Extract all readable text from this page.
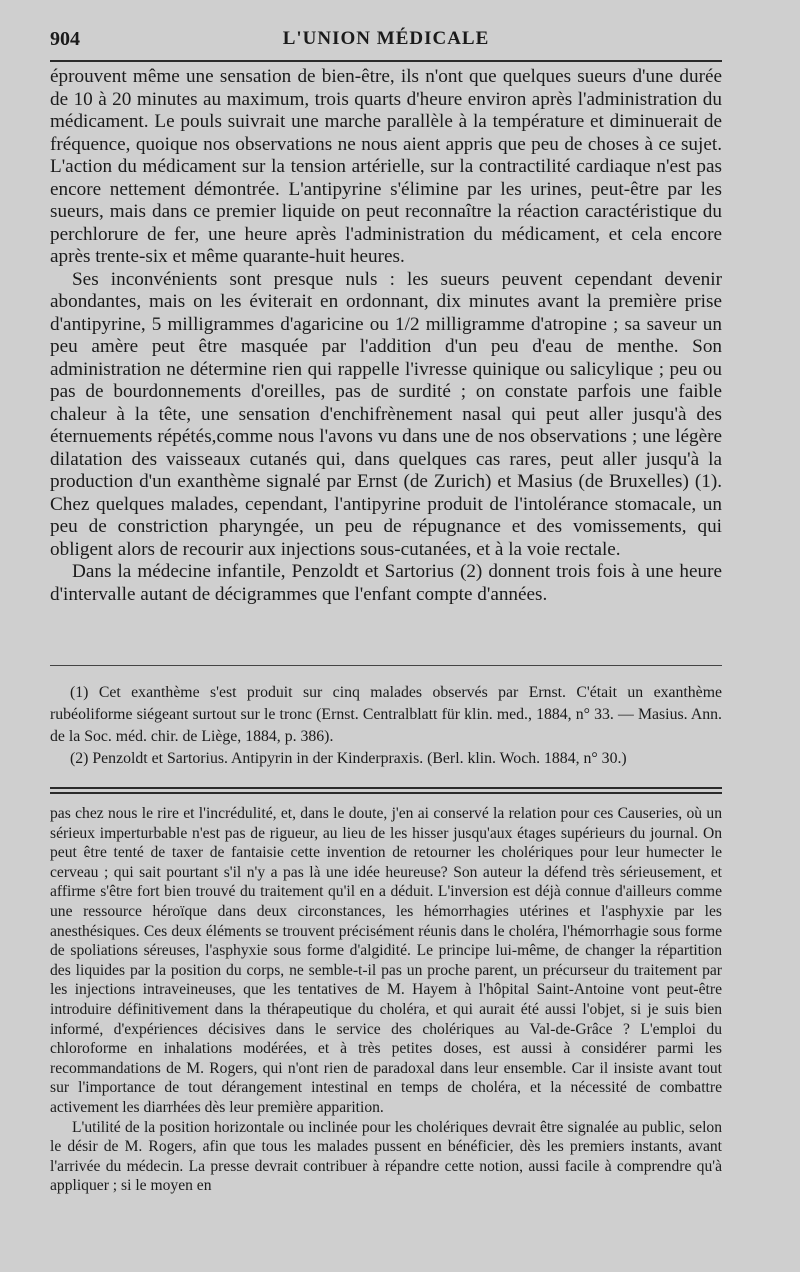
904	L'UNION MÉDICALE

éprouvent même une sensation de bien-être, ils n'ont que quelques sueurs d'une durée de 10 à 20 minutes au maximum, trois quarts d'heure environ après l'administration du médicament. Le pouls suivrait une marche parallèle à la température et diminuerait de fréquence, quoique nos observations ne nous aient appris que peu de choses à ce sujet. L'action du médicament sur la tension artérielle, sur la contractilité cardiaque n'est pas encore nettement démontrée. L'antipyrine s'élimine par les urines, peut-être par les sueurs, mais dans ce premier liquide on peut reconnaître la réaction caractéristique du perchlorure de fer, une heure après l'administration du médicament, et cela encore après trente-six et même quarante-huit heures.

Ses inconvénients sont presque nuls : les sueurs peuvent cependant devenir abondantes, mais on les éviterait en ordonnant, dix minutes avant la première prise d'antipyrine, 5 milligrammes d'agaricine ou 1/2 milligramme d'atropine ; sa saveur un peu amère peut être masquée par l'addition d'un peu d'eau de menthe. Son administration ne détermine rien qui rappelle l'ivresse quinique ou salicylique ; peu ou pas de bourdonnements d'oreilles, pas de surdité ; on constate parfois une faible chaleur à la tête, une sensation d'enchifrènement nasal qui peut aller jusqu'à des éternuements répétés,comme nous l'avons vu dans une de nos observations ; une légère dilatation des vaisseaux cutanés qui, dans quelques cas rares, peut aller jusqu'à la production d'un exanthème signalé par Ernst (de Zurich) et Masius (de Bruxelles) (1). Chez quelques malades, cependant, l'antipyrine produit de l'intolérance stomacale, un peu de constriction pharyngée, un peu de répugnance et des vomissements, qui obligent alors de recourir aux injections sous-cutanées, et à la voie rectale.

Dans la médecine infantile, Penzoldt et Sartorius (2) donnent trois fois à une heure d'intervalle autant de décigrammes que l'enfant compte d'années.

(1) Cet exanthème s'est produit sur cinq malades observés par Ernst. C'était un exanthème rubéoliforme siégeant surtout sur le tronc (Ernst. Centralblatt für klin. med., 1884, n° 33. — Masius. Ann. de la Soc. méd. chir. de Liège, 1884, p. 386).

(2) Penzoldt et Sartorius. Antipyrin in der Kinderpraxis. (Berl. klin. Woch. 1884, n° 30.)

pas chez nous le rire et l'incrédulité, et, dans le doute, j'en ai conservé la relation pour ces Causeries, où un sérieux imperturbable n'est pas de rigueur, au lieu de les hisser jusqu'aux étages supérieurs du journal. On peut être tenté de taxer de fantaisie cette invention de retourner les cholériques pour leur humecter le cerveau ; qui sait pourtant s'il n'y a pas là une idée heureuse? Son auteur la défend très sérieusement, et affirme s'être fort bien trouvé du traitement qu'il en a déduit. L'inversion est déjà connue d'ailleurs comme une ressource héroïque dans deux circonstances, les hémorrhagies utérines et l'asphyxie par les anesthésiques. Ces deux éléments se trouvent précisément réunis dans le choléra, l'hémorrhagie sous forme de spoliations séreuses, l'asphyxie sous forme d'algidité. Le principe lui-même, de changer la répartition des liquides par la position du corps, ne semble-t-il pas un proche parent, un précurseur du traitement par les injections intraveineuses, que les tentatives de M. Hayem à l'hôpital Saint-Antoine vont peut-être introduire définitivement dans la thérapeutique du choléra, et qui aurait été aussi l'objet, si je suis bien informé, d'expériences décisives dans le service des cholériques au Val-de-Grâce ? L'emploi du chloroforme en inhalations modérées, et à très petites doses, est aussi à considérer parmi les recommandations de M. Rogers, qui n'ont rien de paradoxal dans leur ensemble. Car il insiste avant tout sur l'importance de tout dérangement intestinal en temps de choléra, et la nécessité de combattre activement les diarrhées dès leur première apparition.

L'utilité de la position horizontale ou inclinée pour les cholériques devrait être signalée au public, selon le désir de M. Rogers, afin que tous les malades pussent en bénéficier, dès les premiers instants, avant l'arrivée du médecin. La presse devrait contribuer à répandre cette notion, aussi facile à comprendre qu'à appliquer ; si le moyen en
